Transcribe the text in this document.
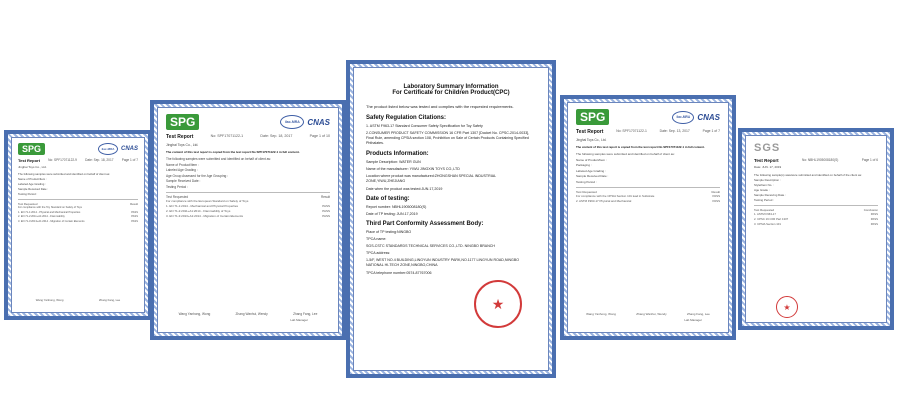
SPG	ilac-MRA	CNAS
Test Report	No: SPF17071122-9	Date: Sep. 18, 2017	Page 1 of 7
Jinghai Toys Co., Ltd.
The following samples were submitted and identified on behalf of client as:
Name of Product/Item :
Labeled Age Grading :
Sample Received Date :
Testing Period :
Test Requested	Result
For compliance with the Toy Standard on Safety of Toys
1. EN 71-1:2014 - Physical and Mechanical Properties	PASS
2. EN 71-2:2011+A1:2014 - Flammability	PASS
3. EN 71-3:2013+A1:2014 - Migration of Certain Elements	PASS
Wang Yanhong, Wong	Zhang Fang, Lee
SPG	ilac-MRA CNAS
Test Report	No: SPF17071122-1	Date: Sep. 18, 2017	Page 1 of 10
Jinghai Toys Co., Ltd.
The content of this test report is copied from the test report No SPF17071122-1 in full content.
The following samples were submitted and identified on behalf of client as:
Name of Product/Item :
Labeled Age Grading :
Age Group Assessed for the Age Grouping :
Sample Received Date :
Testing Period :
Test Requested	Result
For compliance with the European Standard on Safety of Toys
1. EN 71-1:2014 - Mechanical and Physical Properties	PASS
2. EN 71-2:2011+A1:2014 - Flammability of Toys	PASS
3. EN 71-3:2013+A1:2014 - Migration of Certain Elements	PASS
Wang Yanhong, Wong	Zhang Wanhui, Wendy	Zhang Fang, Lee
Lab Manager
Laboratory Summary Information
For Certificate for Children Product(CPC)
The product listed below was tested and complies with the requested requirements.
Safety Regulation Citations:
1. ASTM F963-17 Standard Consumer Safety Specification for Toy Safety
2.CONSUMER PRODUCT SAFETY COMMISSION 16 CFR Part 1307 [Docket No. CPSC-2014-0033], Final Rule, amending CPSIA section 108, Prohibition on Sale of Certain Products Containing Specified Phthalates.
Products Information:
Sample Description: WATER GUN
Name of the manufacturer: YIWU JINGXIN TOYS CO.,LTD
Location where product was manufactured:ZHONGSHAN SPECIAL INDUSTRIAL ZONE,YIWU,ZHEJIANG
Date when the product was tested:JUN.17,2019
Date of testing:
Report number: NBHL1905008180(S)
Date of TP testing: JUN.17,2019
Third Part Conformity Assessment Body:
Place of TP testing:NINGBO
TPCA name:
SGS-CSTC STANDARDS TECHNICAL SERVICES CO.,LTD. NINGBO BRANCH
TPCA address:
1-5/F, WEST NO.4 BUILDING,LINGYUN INDUSTRY PARK,NO.1177 LINGYUN ROAD,NINGBO NATIONAL HI-TECH ZONE,NINGBO,CHINA
TPCA telephone number:0574-87767006
★
SPG	ilac-MRA CNAS
Test Report	No: SPF17071122-1	Date: Sep. 13, 2017	Page 1 of 7
Jinghai Toys Co., Ltd.
The content of this test report is copied from the test report No SPF17071122-1 in full content.
The following samples were submitted and identified on behalf of client as:
Name of Product/Item :
Packaging :
Labeled Age Grading :
Sample Received Date :
Testing Period :
Test Requested	Result
For compliance with the CPSIA Section 101 lead in Substrate	PASS
2. ASTM F963-17 Physical and Mechanical	PASS
Wang Yanhong, Wong	Zhang Wanhui, Wendy	Zhang Fang, Lee
Lab Manager
SGS
Test Report	No: NBHL1905008180(S)	Page 1 of 6
Date: JUN. 17, 2019
The following sample(s) was/were submitted and identified on behalf of the client as:
Sample Description :
Style/Item No. :
Age Grade :
Sample Receiving Date :
Testing Period :
Test Requested	Conclusion
1. ASTM F963-17	PASS
2. CPSC 16 CFR Part 1307	PASS
3. CPSIA Section 101	PASS
★
